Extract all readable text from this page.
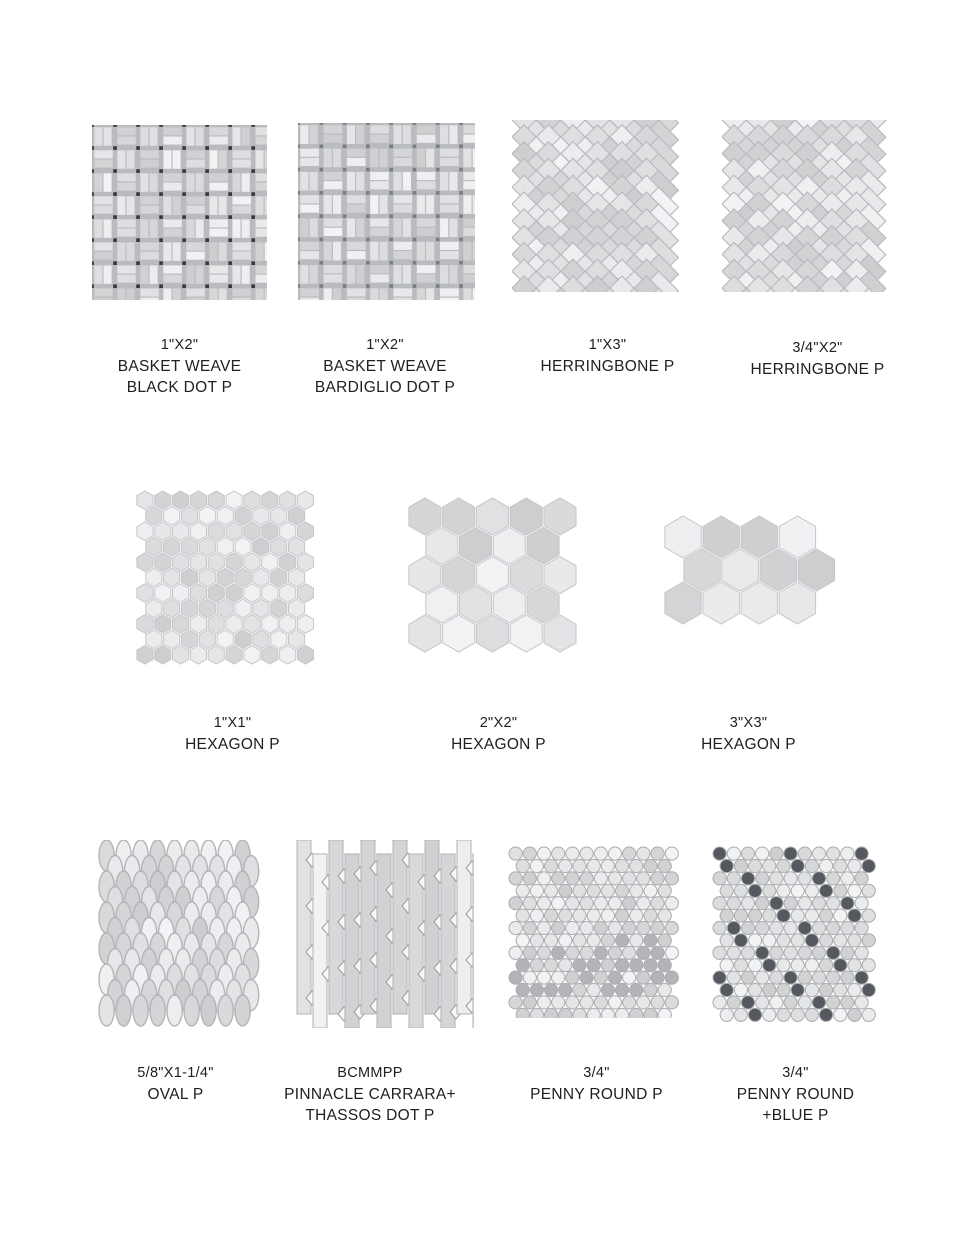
1"X2"
BASKET WEAVE
BLACK DOT P
1"X2"
BASKET WEAVE
BARDIGLIO DOT P
1"X3"
HERRINGBONE P
3/4"X2"
HERRINGBONE P
1"X1"
HEXAGON P
2"X2"
HEXAGON P
3"X3"
HEXAGON P
5/8"X1-1/4"
OVAL P
BCMMPP
PINNACLE CARRARA+
THASSOS DOT P
3/4"
PENNY ROUND P
3/4"
PENNY ROUND
+BLUE P
